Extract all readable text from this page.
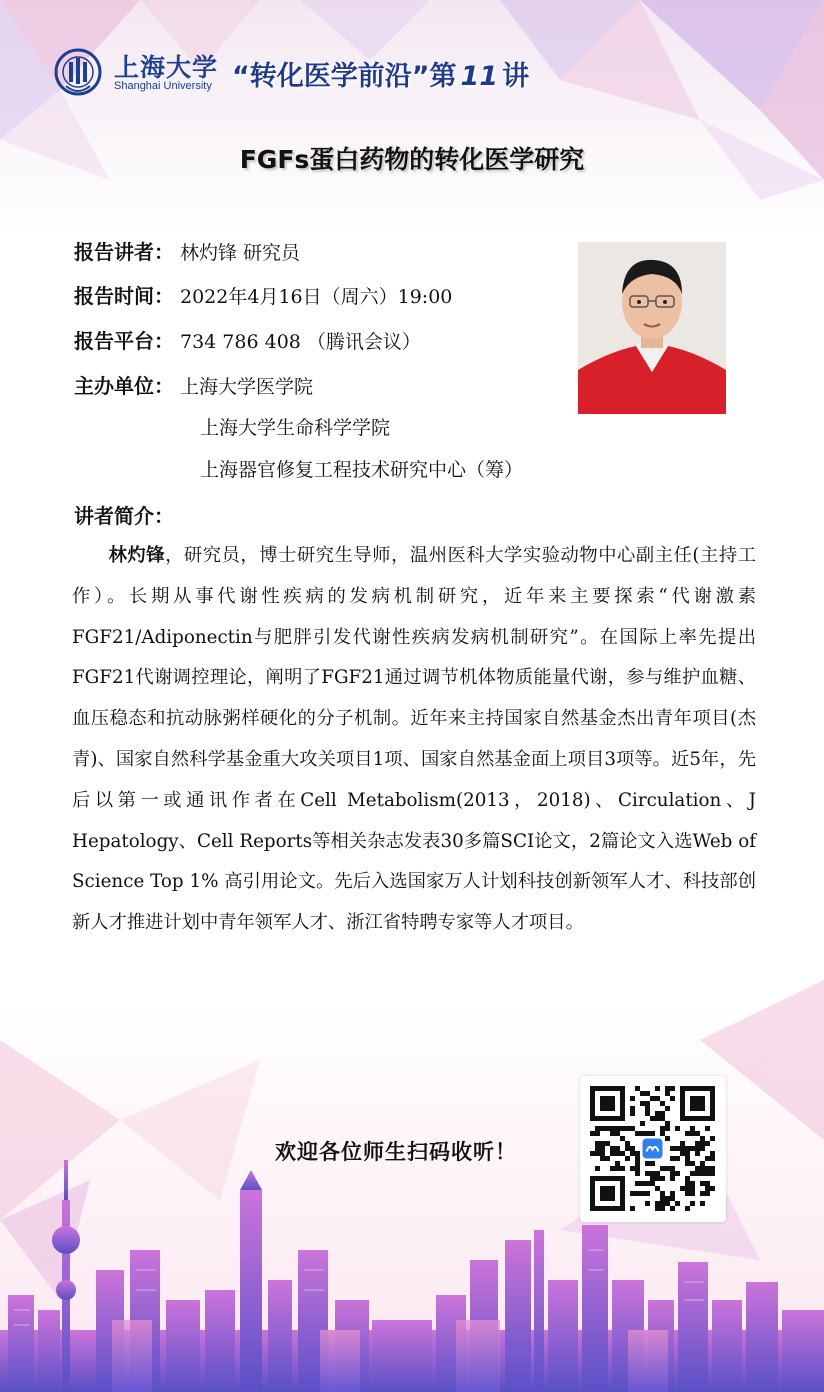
上海大学
Shanghai University “转化医学前沿”第 11 讲
FGFs蛋白药物的转化医学研究
报告讲者： 林灼锋 研究员
报告时间： 2022年4月16日（周六）19:00
报告平台： 734 786 408 （腾讯会议）
主办单位： 上海大学医学院
上海大学生命科学学院
上海器官修复工程技术研究中心（筹）
讲者简介：
林灼锋，研究员，博士研究生导师，温州医科大学实验动物中心副主任(主持工作）。长期从事代谢性疾病的发病机制研究，近年来主要探索“代谢激素FGF21/Adiponectin与肥胖引发代谢性疾病发病机制研究”。在国际上率先提出FGF21代谢调控理论，阐明了FGF21通过调节机体物质能量代谢，参与维护血糖、血压稳态和抗动脉粥样硬化的分子机制。近年来主持国家自然基金杰出青年项目(杰青)、国家自然科学基金重大攻关项目1项、国家自然基金面上项目3项等。近5年，先后以第一或通讯作者在Cell Metabolism(2013，2018)、Circulation、J Hepatology、Cell Reports等相关杂志发表30多篇SCI论文，2篇论文入选Web of Science Top 1% 高引用论文。先后入选国家万人计划科技创新领军人才、科技部创新人才推进计划中青年领军人才、浙江省特聘专家等人才项目。
欢迎各位师生扫码收听！
